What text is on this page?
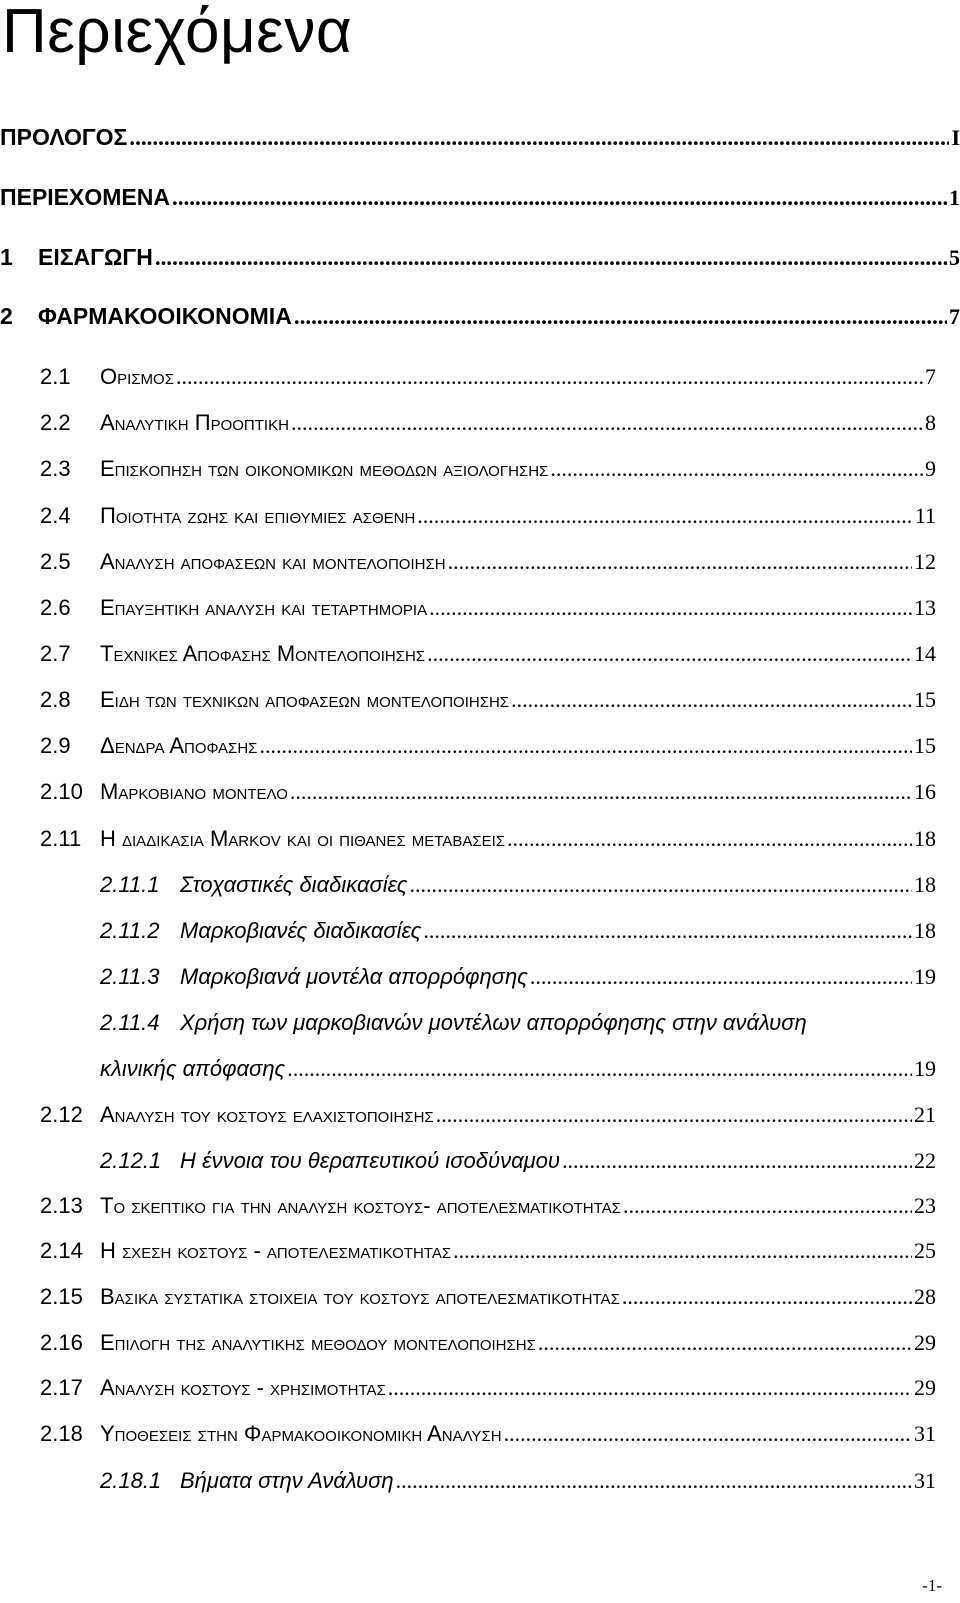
Περιεχόμενα
ΠΡΟΛΟΓΟΣ .....	I
ΠΕΡΙΕΧΟΜΕΝΑ .....	1
1 ΕΙΣΑΓΩΓΗ .....	5
2 ΦΑΡΜΑΚΟΟΙΚΟΝΟΜΙΑ .....	7
2.1 Ορισμος .....	7
2.2 Αναλυτικη Προοπτικη .....	8
2.3 Επισκοπηση των οικονομικων μεθοδων αξιολογησης .....	9
2.4 Ποιοτητα ζωης και επιθυμιες ασθενη .....	11
2.5 Αναλυση αποφασεων και μοντελοποιηση .....	12
2.6 Επαυξητικη αναλυση και τεταρτημορια .....	13
2.7 Τεχνικες Αποφασης Μοντελοποιησης .....	14
2.8 Ειδη των τεχνικων αποφασεων μοντελοποιησης .....	15
2.9 Δενδρα Αποφασης .....	15
2.10 Μαρκοβιανο μοντελο .....	16
2.11 Η διαδικασια Markov και οι πιθανες μεταβασεις .....	18
2.11.1 Στοχαστικές διαδικασίες .....	18
2.11.2 Μαρκοβιανές διαδικασίες .....	18
2.11.3 Μαρκοβιανά μοντέλα απορρόφησης .....	19
2.11.4 Χρήση των μαρκοβιανών μοντέλων απορρόφησης στην ανάλυση
κλινικής απόφασης .....	19
2.12 Αναλυση του κοστους ελαχιστοποιησης .....	21
2.12.1 Η έννοια του θεραπευτικού ισοδύναμου .....	22
2.13 Το σκεπτικο για την αναλυση κοστους- αποτελεσματικοτητας .....	23
2.14 Η σχεση κοστους - αποτελεσματικοτητας .....	25
2.15 Βασικα συστατικα στοιχεια του κοστους αποτελεσματικοτητας .....	28
2.16 Επιλογη της αναλυτικης μεθοδου μοντελοποιησης .....	29
2.17 Αναλυση κοστους - χρησιμοτητας .....	29
2.18 Υποθεσεις στην Φαρμακοοικονομικη Αναλυση .....	31
2.18.1 Βήματα στην Ανάλυση .....	31
-1-
